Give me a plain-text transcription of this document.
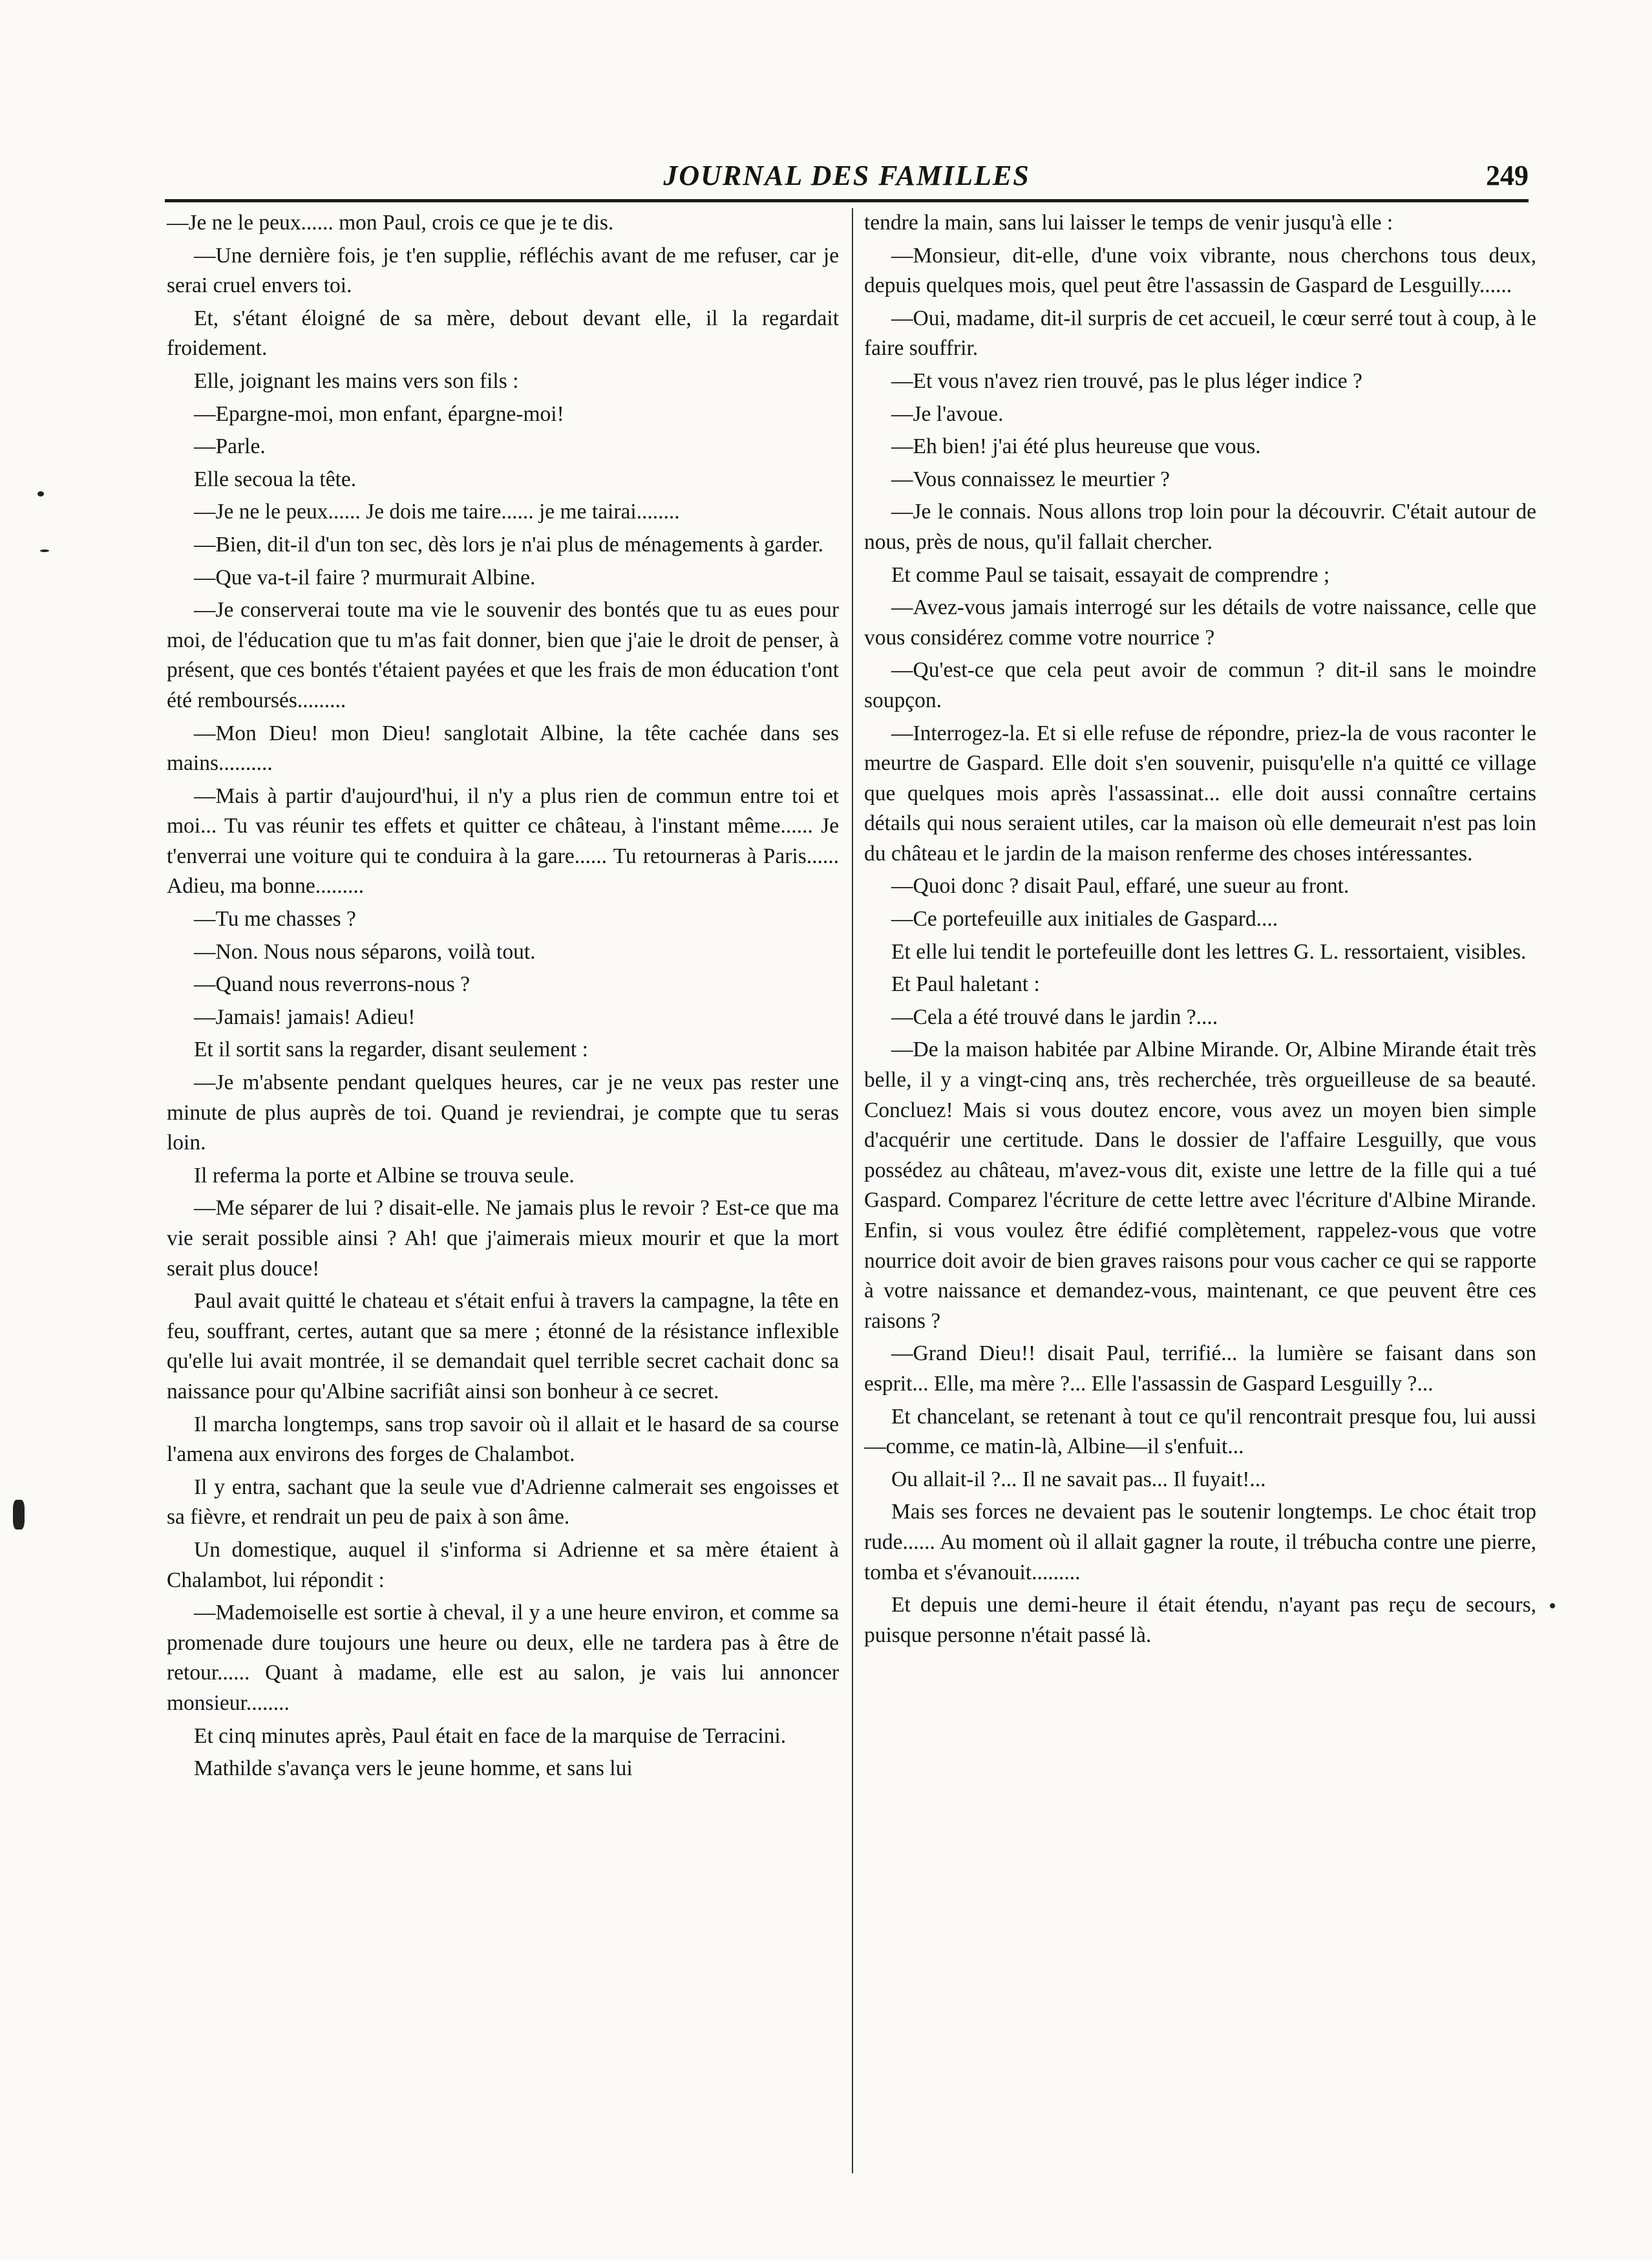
JOURNAL DES FAMILLES	249

—Je ne le peux...... mon Paul, crois ce que je te dis.

—Une dernière fois, je t'en supplie, réfléchis avant de me refuser, car je serai cruel envers toi.

Et, s'étant éloigné de sa mère, debout devant elle, il la regardait froidement.

Elle, joignant les mains vers son fils :

—Epargne-moi, mon enfant, épargne-moi!

—Parle.

Elle secoua la tête.

—Je ne le peux...... Je dois me taire...... je me tairai........

—Bien, dit-il d'un ton sec, dès lors je n'ai plus de ménagements à garder.

—Que va-t-il faire ? murmurait Albine.

—Je conserverai toute ma vie le souvenir des bontés que tu as eues pour moi, de l'éducation que tu m'as fait donner, bien que j'aie le droit de penser, à présent, que ces bontés t'étaient payées et que les frais de mon éducation t'ont été remboursés.........

—Mon Dieu! mon Dieu! sanglotait Albine, la tête cachée dans ses mains..........

—Mais à partir d'aujourd'hui, il n'y a plus rien de commun entre toi et moi... Tu vas réunir tes effets et quitter ce château, à l'instant même...... Je t'enverrai une voiture qui te conduira à la gare...... Tu retourneras à Paris...... Adieu, ma bonne.........

—Tu me chasses ?

—Non. Nous nous séparons, voilà tout.

—Quand nous reverrons-nous ?

—Jamais! jamais! Adieu!

Et il sortit sans la regarder, disant seulement :

—Je m'absente pendant quelques heures, car je ne veux pas rester une minute de plus auprès de toi. Quand je reviendrai, je compte que tu seras loin.

Il referma la porte et Albine se trouva seule.

—Me séparer de lui ? disait-elle. Ne jamais plus le revoir ? Est-ce que ma vie serait possible ainsi ? Ah! que j'aimerais mieux mourir et que la mort serait plus douce!

Paul avait quitté le chateau et s'était enfui à travers la campagne, la tête en feu, souffrant, certes, autant que sa mere ; étonné de la résistance inflexible qu'elle lui avait montrée, il se demandait quel terrible secret cachait donc sa naissance pour qu'Albine sacrifiât ainsi son bonheur à ce secret.

Il marcha longtemps, sans trop savoir où il allait et le hasard de sa course l'amena aux environs des forges de Chalambot.

Il y entra, sachant que la seule vue d'Adrienne calmerait ses engoisses et sa fièvre, et rendrait un peu de paix à son âme.

Un domestique, auquel il s'informa si Adrienne et sa mère étaient à Chalambot, lui répondit :

—Mademoiselle est sortie à cheval, il y a une heure environ, et comme sa promenade dure toujours une heure ou deux, elle ne tardera pas à être de retour...... Quant à madame, elle est au salon, je vais lui annoncer monsieur........

Et cinq minutes après, Paul était en face de la marquise de Terracini.

Mathilde s'avança vers le jeune homme, et sans lui

tendre la main, sans lui laisser le temps de venir jusqu'à elle :

—Monsieur, dit-elle, d'une voix vibrante, nous cherchons tous deux, depuis quelques mois, quel peut être l'assassin de Gaspard de Lesguilly......

—Oui, madame, dit-il surpris de cet accueil, le cœur serré tout à coup, à le faire souffrir.

—Et vous n'avez rien trouvé, pas le plus léger indice ?

—Je l'avoue.

—Eh bien! j'ai été plus heureuse que vous.

—Vous connaissez le meurtier ?

—Je le connais. Nous allons trop loin pour la découvrir. C'était autour de nous, près de nous, qu'il fallait chercher.

Et comme Paul se taisait, essayait de comprendre ;

—Avez-vous jamais interrogé sur les détails de votre naissance, celle que vous considérez comme votre nourrice ?

—Qu'est-ce que cela peut avoir de commun ? dit-il sans le moindre soupçon.

—Interrogez-la. Et si elle refuse de répondre, priez-la de vous raconter le meurtre de Gaspard. Elle doit s'en souvenir, puisqu'elle n'a quitté ce village que quelques mois après l'assassinat... elle doit aussi connaître certains détails qui nous seraient utiles, car la maison où elle demeurait n'est pas loin du château et le jardin de la maison renferme des choses intéressantes.

—Quoi donc ? disait Paul, effaré, une sueur au front.

—Ce portefeuille aux initiales de Gaspard....

Et elle lui tendit le portefeuille dont les lettres G. L. ressortaient, visibles.

Et Paul haletant :

—Cela a été trouvé dans le jardin ?....

—De la maison habitée par Albine Mirande. Or, Albine Mirande était très belle, il y a vingt-cinq ans, très recherchée, très orgueilleuse de sa beauté. Concluez! Mais si vous doutez encore, vous avez un moyen bien simple d'acquérir une certitude. Dans le dossier de l'affaire Lesguilly, que vous possédez au château, m'avez-vous dit, existe une lettre de la fille qui a tué Gaspard. Comparez l'écriture de cette lettre avec l'écriture d'Albine Mirande. Enfin, si vous voulez être édifié complètement, rappelez-vous que votre nourrice doit avoir de bien graves raisons pour vous cacher ce qui se rapporte à votre naissance et demandez-vous, maintenant, ce que peuvent être ces raisons ?

—Grand Dieu!! disait Paul, terrifié... la lumière se faisant dans son esprit... Elle, ma mère ?... Elle l'assassin de Gaspard Lesguilly ?...

Et chancelant, se retenant à tout ce qu'il rencontrait presque fou, lui aussi—comme, ce matin-là, Albine—il s'enfuit...

Ou allait-il ?... Il ne savait pas... Il fuyait!...

Mais ses forces ne devaient pas le soutenir longtemps. Le choc était trop rude...... Au moment où il allait gagner la route, il trébucha contre une pierre, tomba et s'évanouit.........

Et depuis une demi-heure il était étendu, n'ayant pas reçu de secours, puisque personne n'était passé là.
